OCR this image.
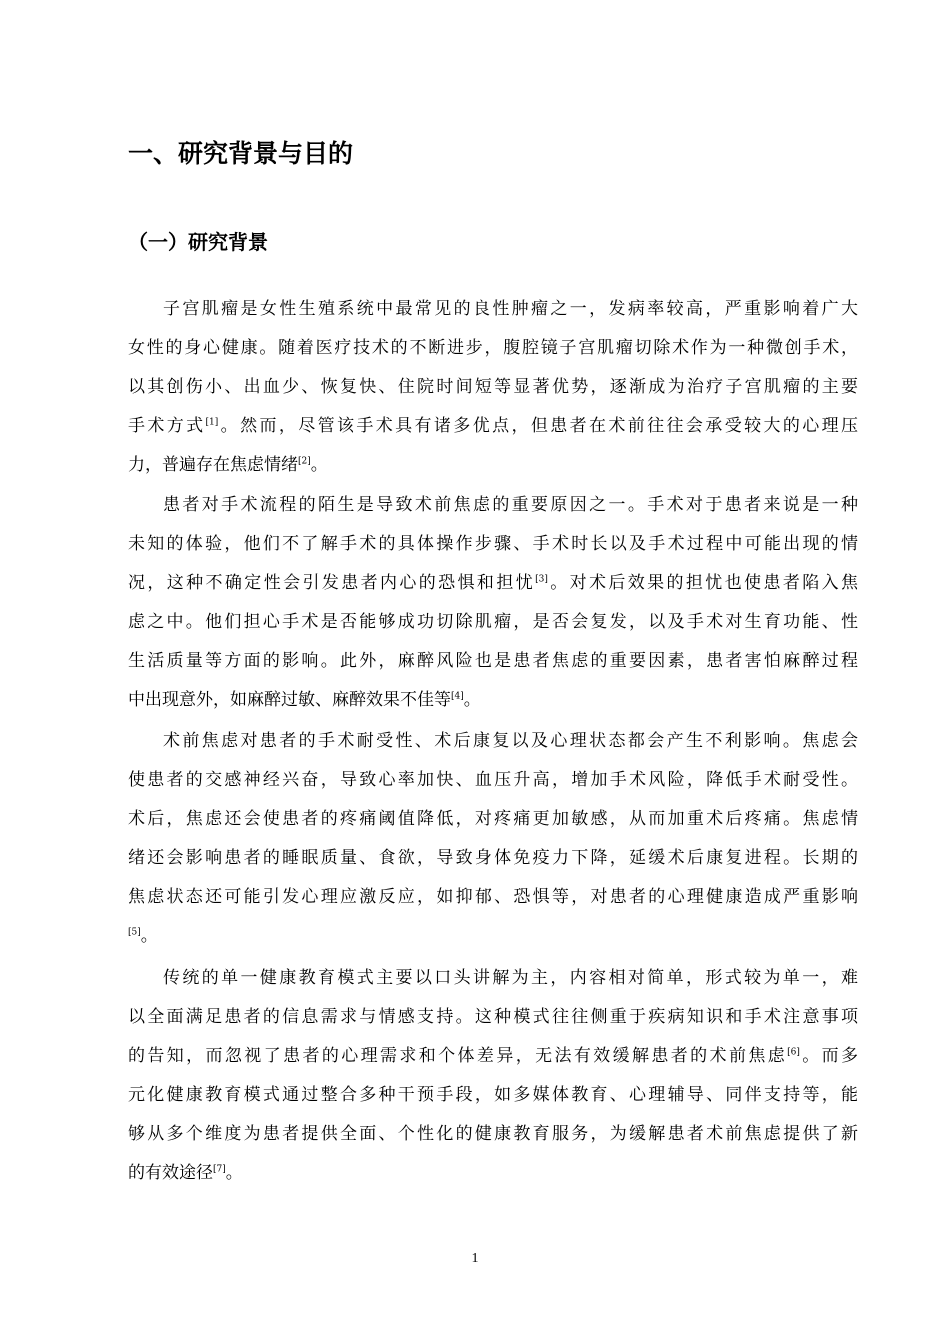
一、研究背景与目的
（一）研究背景
子宫肌瘤是女性生殖系统中最常见的良性肿瘤之一，发病率较高，严重影响着广大
女性的身心健康。随着医疗技术的不断进步，腹腔镜子宫肌瘤切除术作为一种微创手术，
以其创伤小、出血少、恢复快、住院时间短等显著优势，逐渐成为治疗子宫肌瘤的主要
手术方式[1]。然而，尽管该手术具有诸多优点，但患者在术前往往会承受较大的心理压
力，普遍存在焦虑情绪[2]。
患者对手术流程的陌生是导致术前焦虑的重要原因之一。手术对于患者来说是一种
未知的体验，他们不了解手术的具体操作步骤、手术时长以及手术过程中可能出现的情
况，这种不确定性会引发患者内心的恐惧和担忧[3]。对术后效果的担忧也使患者陷入焦
虑之中。他们担心手术是否能够成功切除肌瘤，是否会复发，以及手术对生育功能、性
生活质量等方面的影响。此外，麻醉风险也是患者焦虑的重要因素，患者害怕麻醉过程
中出现意外，如麻醉过敏、麻醉效果不佳等[4]。
术前焦虑对患者的手术耐受性、术后康复以及心理状态都会产生不利影响。焦虑会
使患者的交感神经兴奋，导致心率加快、血压升高，增加手术风险，降低手术耐受性。
术后，焦虑还会使患者的疼痛阈值降低，对疼痛更加敏感，从而加重术后疼痛。焦虑情
绪还会影响患者的睡眠质量、食欲，导致身体免疫力下降，延缓术后康复进程。长期的
焦虑状态还可能引发心理应激反应，如抑郁、恐惧等，对患者的心理健康造成严重影响
[5]。
传统的单一健康教育模式主要以口头讲解为主，内容相对简单，形式较为单一，难
以全面满足患者的信息需求与情感支持。这种模式往往侧重于疾病知识和手术注意事项
的告知，而忽视了患者的心理需求和个体差异，无法有效缓解患者的术前焦虑[6]。而多
元化健康教育模式通过整合多种干预手段，如多媒体教育、心理辅导、同伴支持等，能
够从多个维度为患者提供全面、个性化的健康教育服务，为缓解患者术前焦虑提供了新
的有效途径[7]。
1
